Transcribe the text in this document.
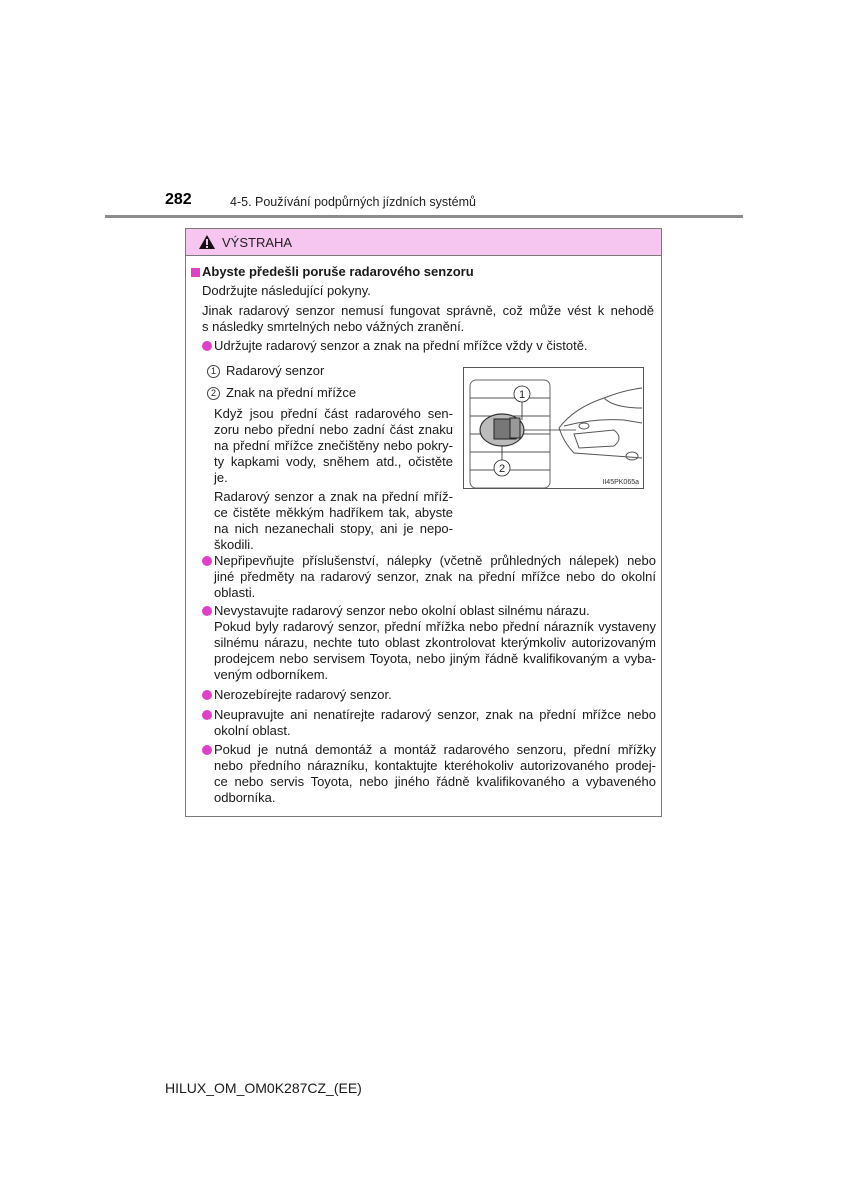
282	4-5. Používání podpůrných jízdních systémů
VÝSTRAHA
Abyste předešli poruše radarového senzoru
Dodržujte následující pokyny.
Jinak radarový senzor nemusí fungovat správně, což může vést k nehodě
s následky smrtelných nebo vážných zranění.
Udržujte radarový senzor a znak na přední mřížce vždy v čistotě.
1 Radarový senzor
2 Znak na přední mřížce
Když jsou přední část radarového sen-
zoru nebo přední nebo zadní část znaku
na přední mřížce znečištěny nebo pokry-
ty kapkami vody, sněhem atd., očistěte
je.
Radarový senzor a znak na přední mříž-
ce čistěte měkkým hadříkem tak, abyste
na nich nezanechali stopy, ani je nepo-
škodili.
1
2
II45PK065a
Nepřipevňujte příslušenství, nálepky (včetně průhledných nálepek) nebo
jiné předměty na radarový senzor, znak na přední mřížce nebo do okolní
oblasti.
Nevystavujte radarový senzor nebo okolní oblast silnému nárazu.
Pokud byly radarový senzor, přední mřížka nebo přední nárazník vystaveny
silnému nárazu, nechte tuto oblast zkontrolovat kterýmkoliv autorizovaným
prodejcem nebo servisem Toyota, nebo jiným řádně kvalifikovaným a vyba-
veným odborníkem.
Nerozebírejte radarový senzor.
Neupravujte ani nenatírejte radarový senzor, znak na přední mřížce nebo
okolní oblast.
Pokud je nutná demontáž a montáž radarového senzoru, přední mřížky
nebo předního nárazníku, kontaktujte kteréhokoliv autorizovaného prodej-
ce nebo servis Toyota, nebo jiného řádně kvalifikovaného a vybaveného
odborníka.
HILUX_OM_OM0K287CZ_(EE)
